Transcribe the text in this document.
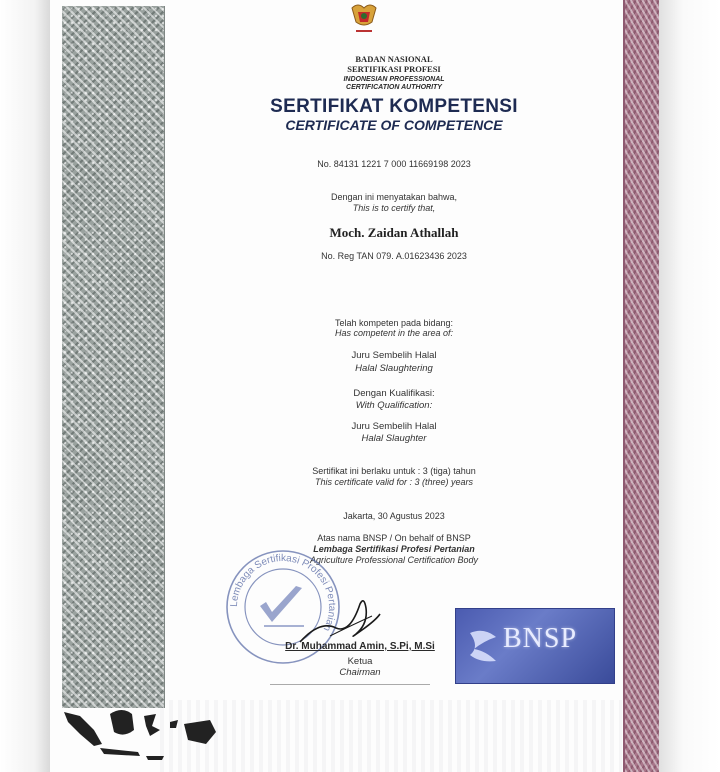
BADAN NASIONAL

SERTIFIKASI PROFESI

INDONESIAN PROFESSIONAL

CERTIFICATION AUTHORITY

SERTIFIKAT KOMPETENSI

CERTIFICATE OF COMPETENCE

No. 84131 1221 7 000 11669198 2023

Dengan ini menyatakan bahwa,

This is to certify that,

Moch. Zaidan Athallah

No. Reg TAN 079. A.01623436 2023

Telah kompeten pada bidang:

Has competent in the area of:

Juru Sembelih Halal

Halal Slaughtering

Dengan Kualifikasi:

With Qualification:

Juru Sembelih Halal

Halal Slaughter

Sertifikat ini berlaku untuk : 3 (tiga) tahun

This certificate valid for : 3 (three) years

Jakarta, 30 Agustus 2023

Atas nama BNSP / On behalf of BNSP

Lembaga Sertifikasi Profesi Pertanian

Agriculture Professional Certification Body

Lembaga Sertifikasi Profesi Pertanian
Dr. Muhammad Amin, S.Pi, M.Si
Ketua
Chairman
BNSP
